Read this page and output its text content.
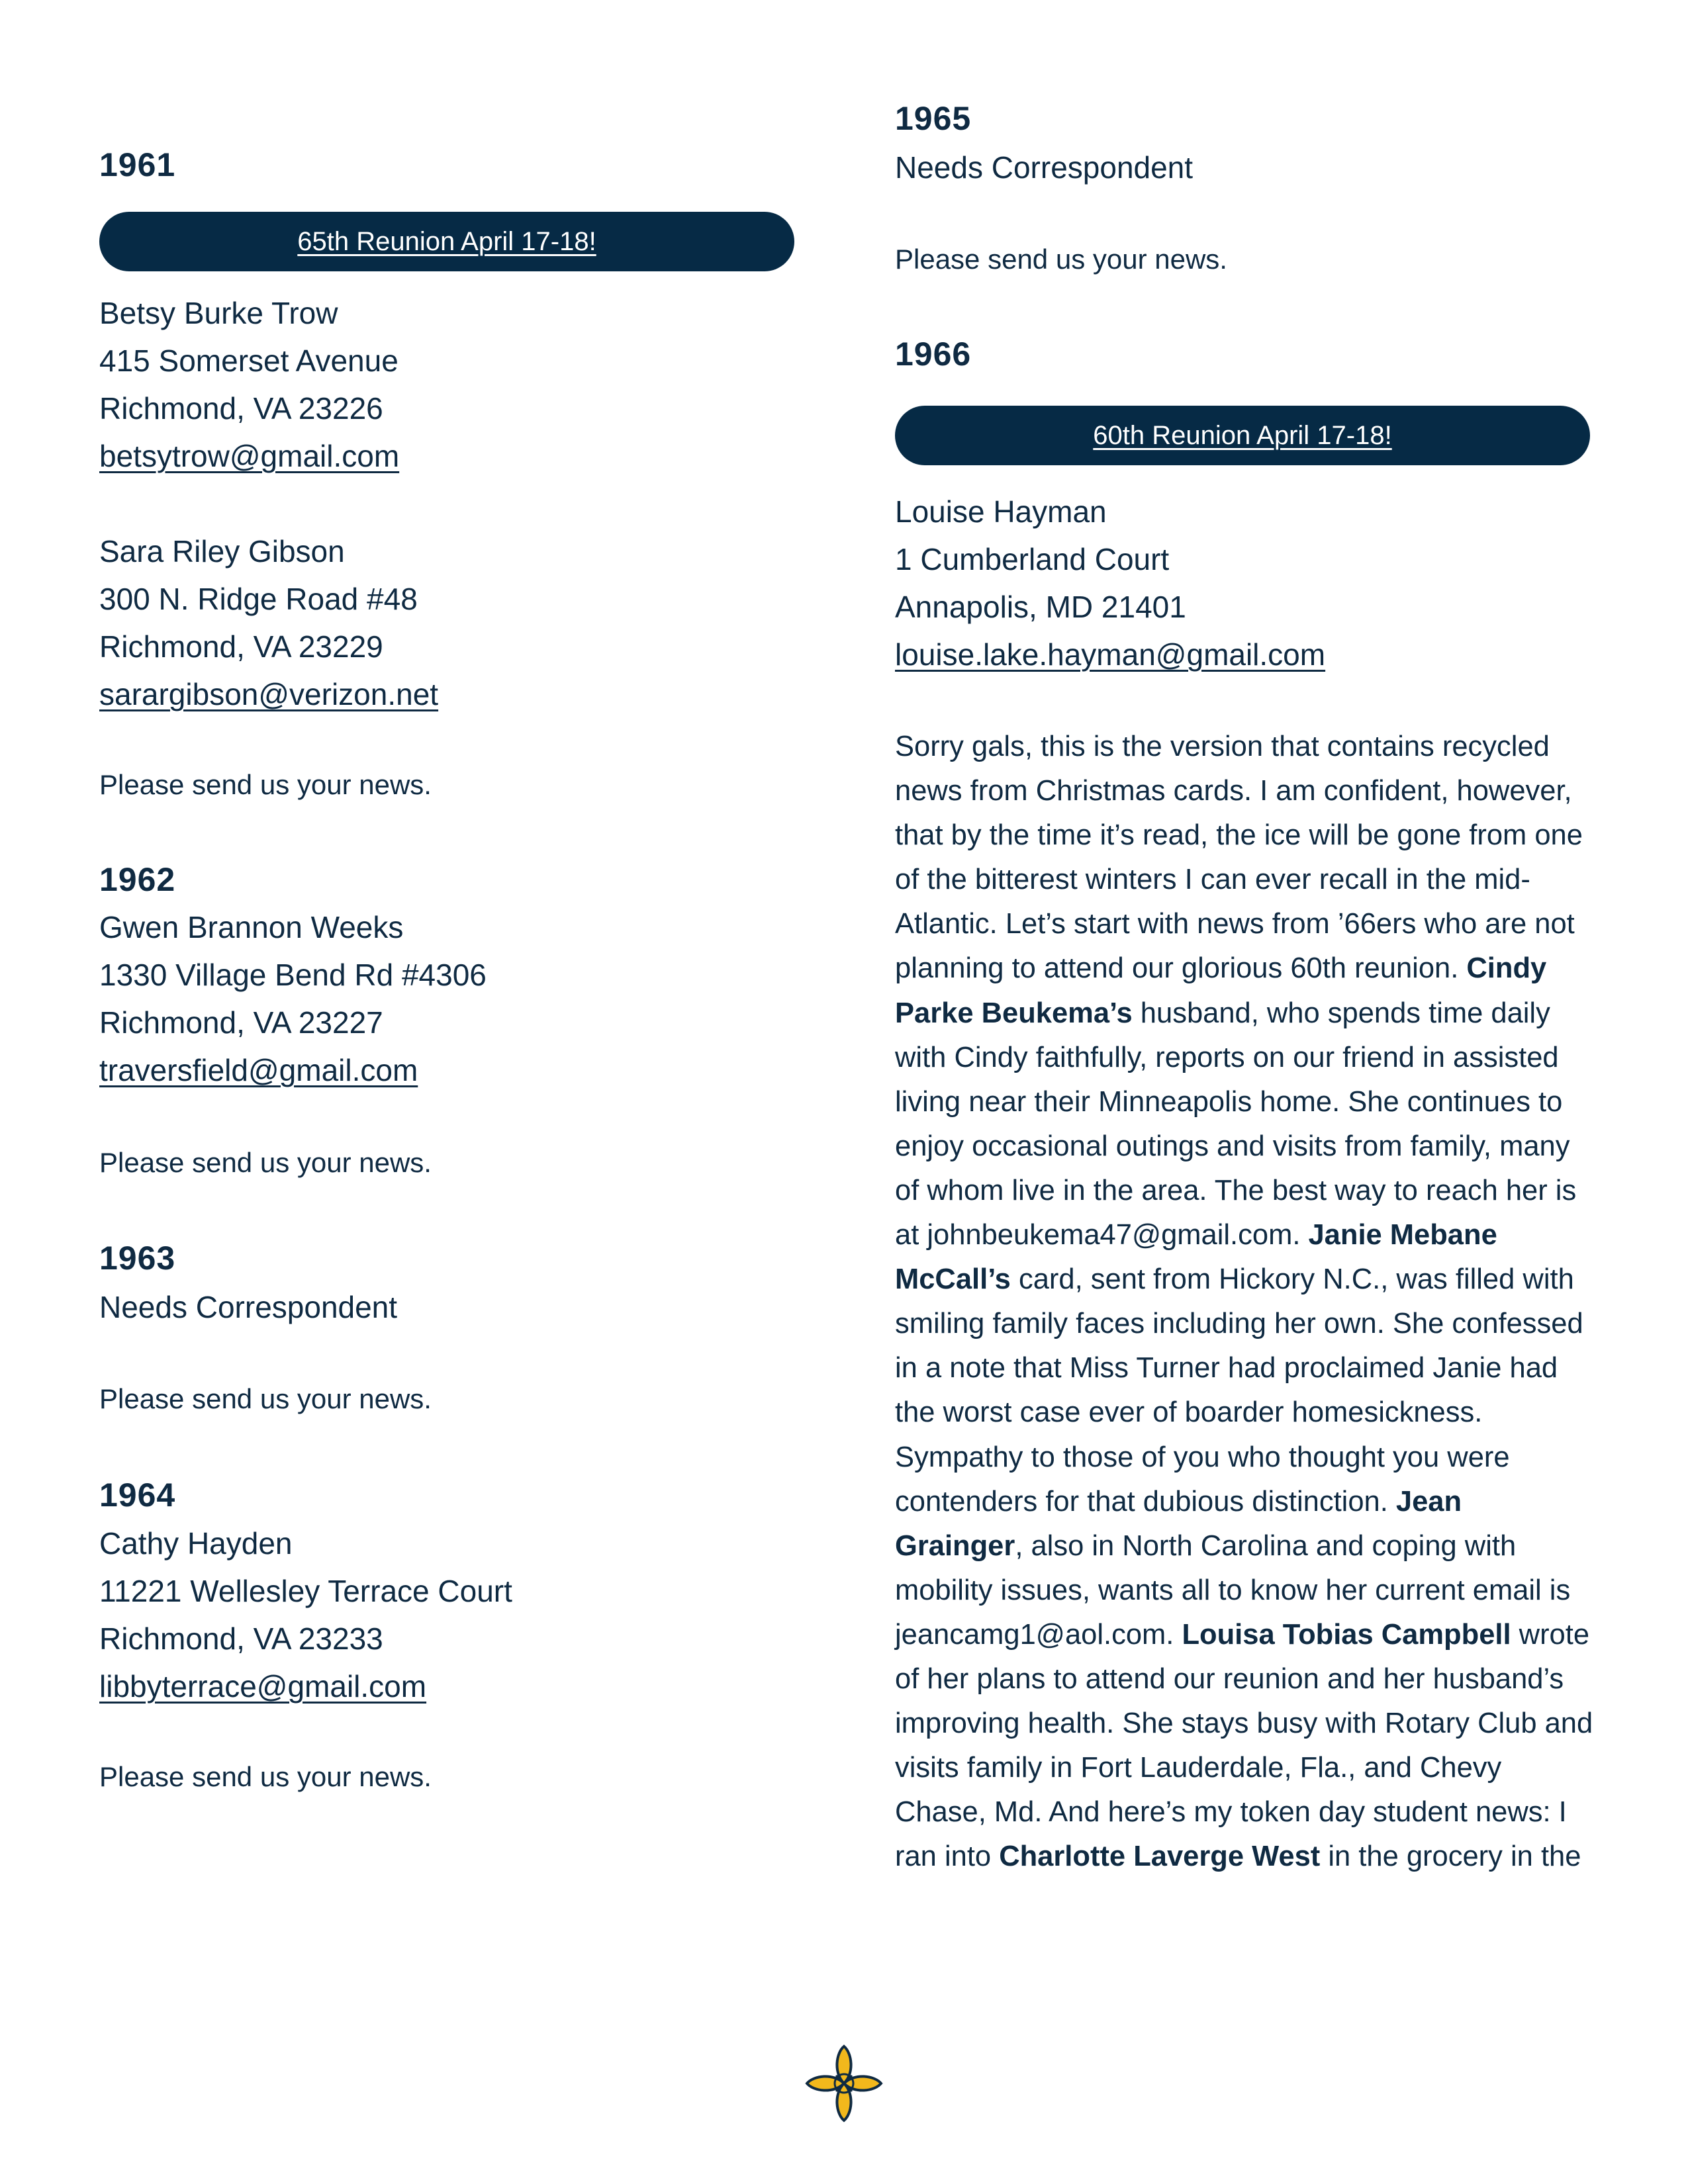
1961
65th Reunion April 17-18!
Betsy Burke Trow
415 Somerset Avenue
Richmond, VA 23226
betsytrow@gmail.com
Sara Riley Gibson
300 N. Ridge Road #48
Richmond, VA 23229
sarargibson@verizon.net
Please send us your news.
1962
Gwen Brannon Weeks
1330 Village Bend Rd #4306
Richmond, VA 23227
traversfield@gmail.com
Please send us your news.
1963
Needs Correspondent
Please send us your news.
1964
Cathy Hayden
11221 Wellesley Terrace Court
Richmond, VA 23233
libbyterrace@gmail.com
Please send us your news.
1965
Needs Correspondent
Please send us your news.
1966
60th Reunion April 17-18!
Louise Hayman
1 Cumberland Court
Annapolis, MD 21401
louise.lake.hayman@gmail.com
Sorry gals, this is the version that contains recycled news from Christmas cards. I am confident, however, that by the time it’s read, the ice will be gone from one of the bitterest winters I can ever recall in the mid-Atlantic. Let’s start with news from ’66ers who are not planning to attend our glorious 60th reunion. Cindy Parke Beukema’s husband, who spends time daily with Cindy faithfully, reports on our friend in assisted living near their Minneapolis home. She continues to enjoy occasional outings and visits from family, many of whom live in the area. The best way to reach her is at johnbeukema47@gmail.com. Janie Mebane McCall’s card, sent from Hickory N.C., was filled with smiling family faces including her own. She confessed in a note that Miss Turner had proclaimed Janie had the worst case ever of boarder homesickness. Sympathy to those of you who thought you were contenders for that dubious distinction. Jean Grainger, also in North Carolina and coping with mobility issues, wants all to know her current email is jeancamg1@aol.com. Louisa Tobias Campbell wrote of her plans to attend our reunion and her husband’s improving health. She stays busy with Rotary Club and visits family in Fort Lauderdale, Fla., and Chevy Chase, Md. And here’s my token day student news: I ran into Charlotte Laverge West in the grocery in the
